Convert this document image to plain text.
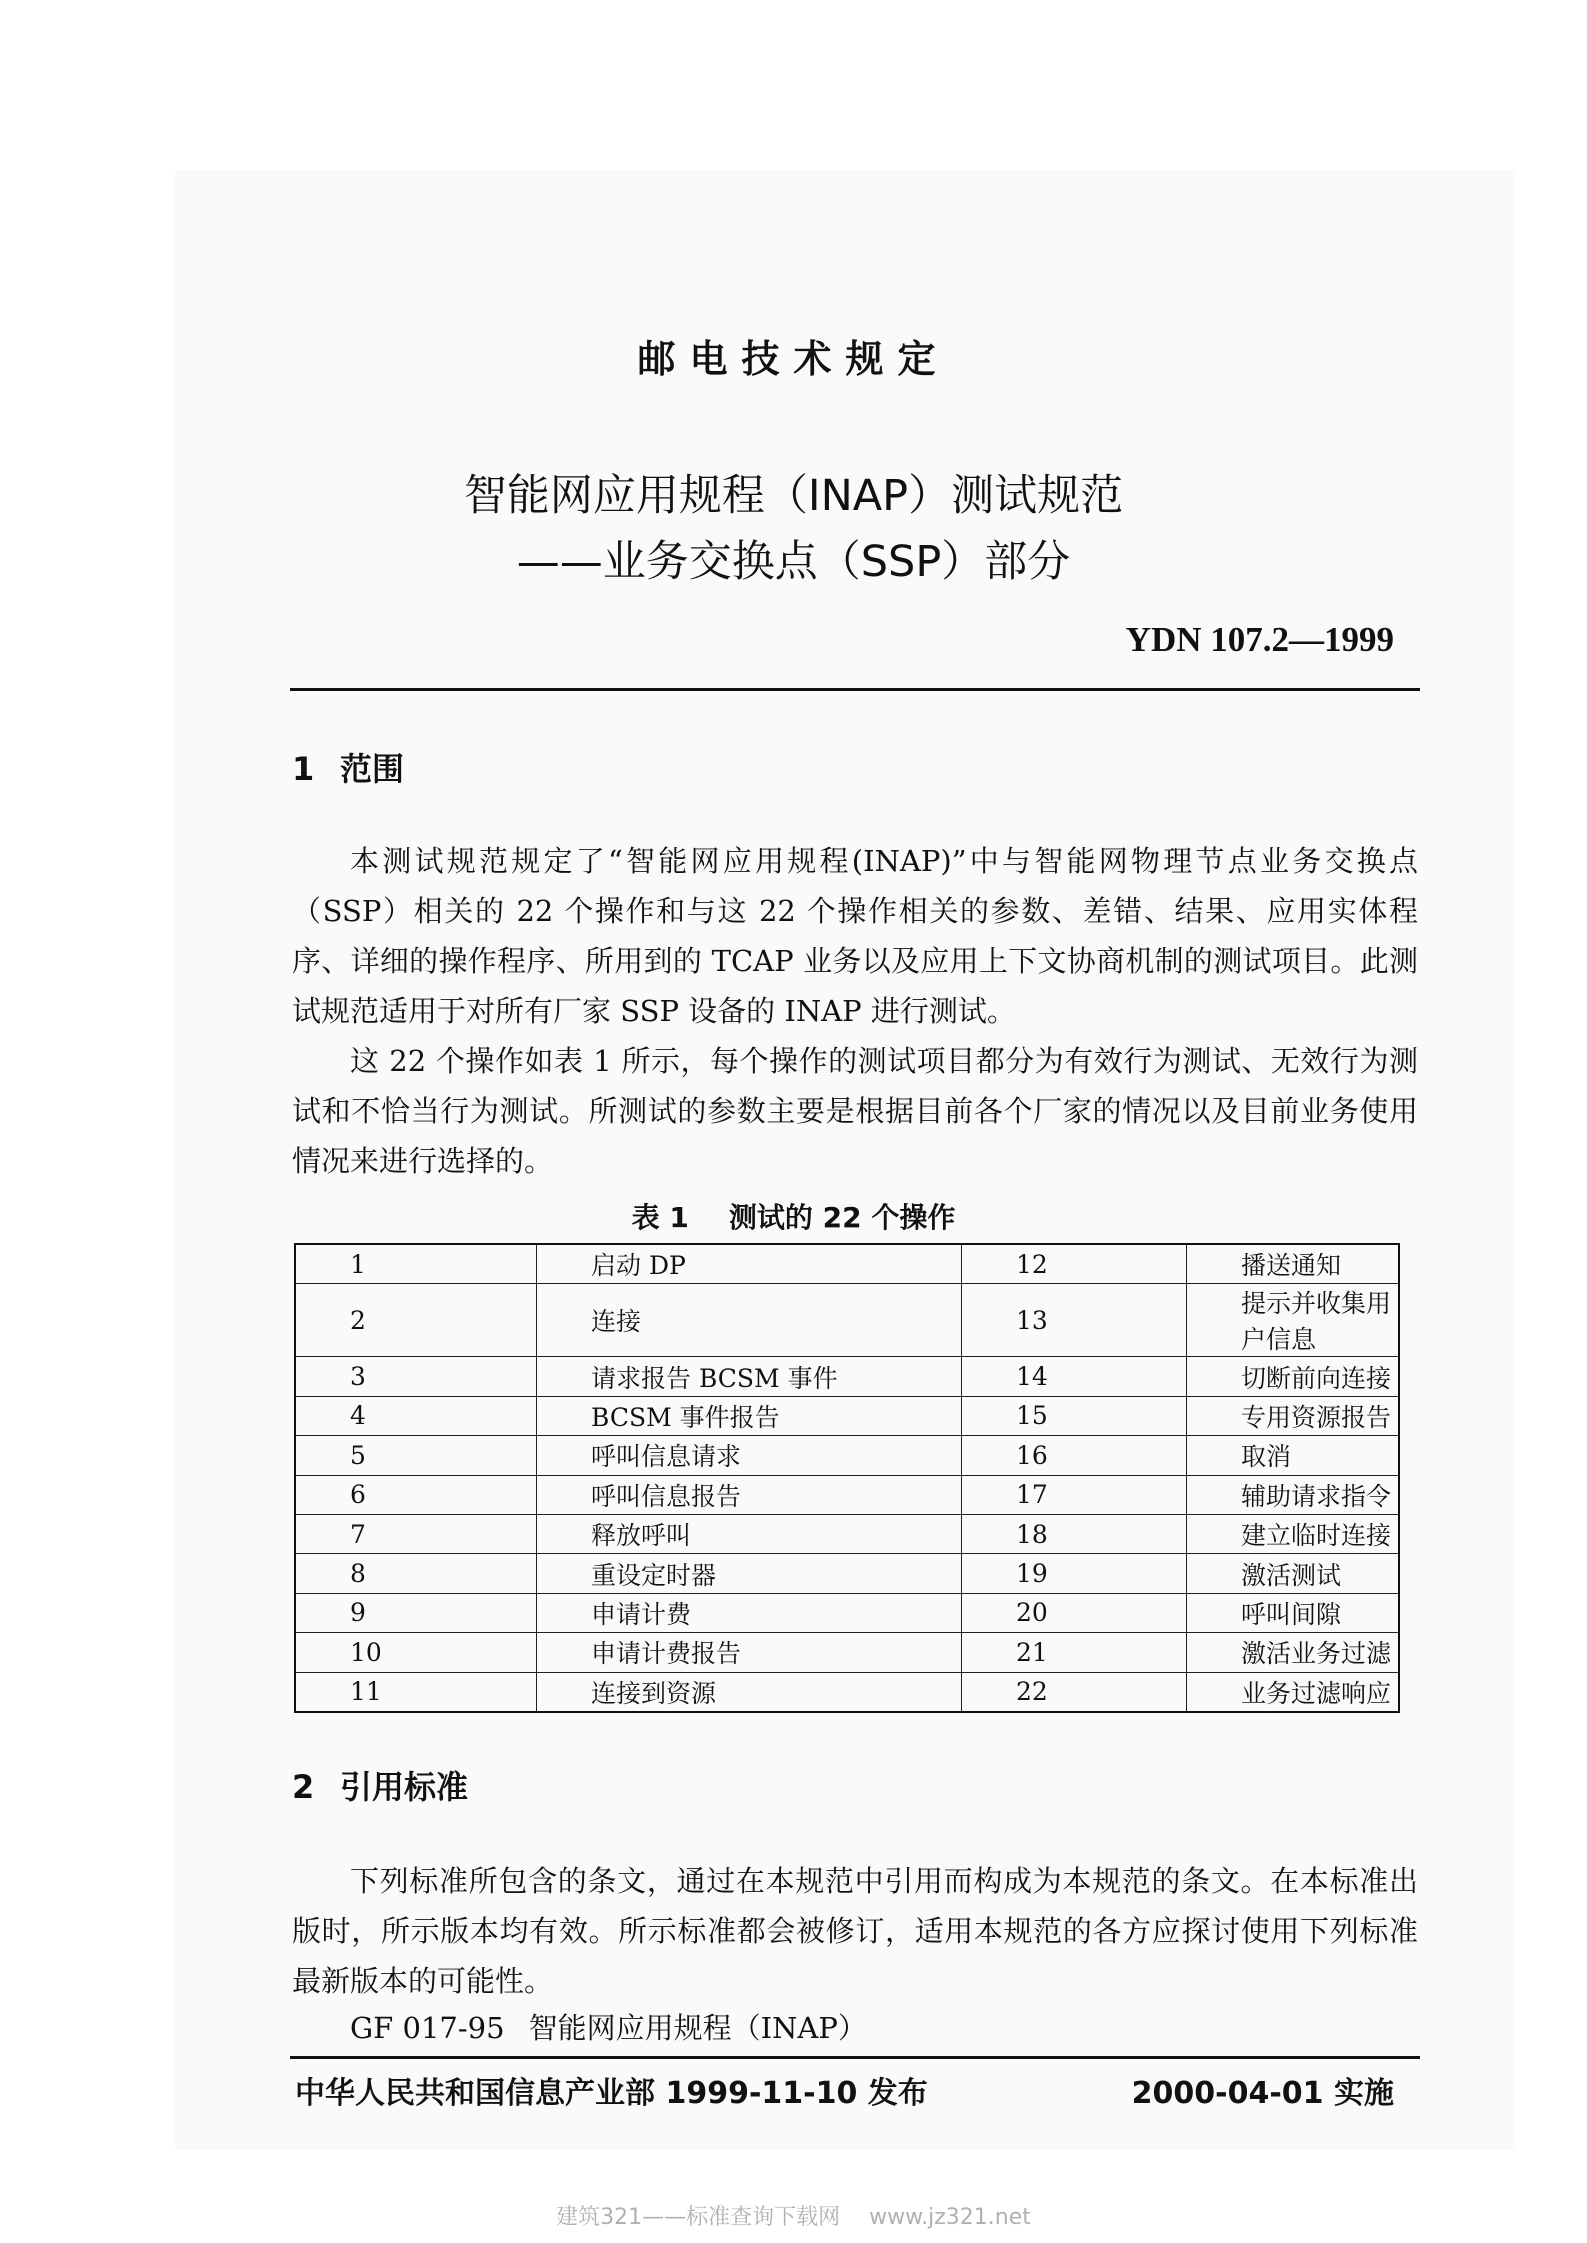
邮电技术规定
智能网应用规程（INAP）测试规范
——业务交换点（SSP）部分
YDN 107.2—1999
1 范围
本测试规范规定了“智能网应用规程(INAP)”中与智能网物理节点业务交换点（SSP）相关的 22 个操作和与这 22 个操作相关的参数、差错、结果、应用实体程序、详细的操作程序、所用到的 TCAP 业务以及应用上下文协商机制的测试项目。此测试规范适用于对所有厂家 SSP 设备的 INAP 进行测试。
这 22 个操作如表 1 所示，每个操作的测试项目都分为有效行为测试、无效行为测试和不恰当行为测试。所测试的参数主要是根据目前各个厂家的情况以及目前业务使用情况来进行选择的。
表 1 测试的 22 个操作
1	启动 DP	12	播送通知
2	连接	13	提示并收集用户信息
3	请求报告 BCSM 事件	14	切断前向连接
4	BCSM 事件报告	15	专用资源报告
5	呼叫信息请求	16	取消
6	呼叫信息报告	17	辅助请求指令
7	释放呼叫	18	建立临时连接
8	重设定时器	19	激活测试
9	申请计费	20	呼叫间隙
10	申请计费报告	21	激活业务过滤
11	连接到资源	22	业务过滤响应
2 引用标准
下列标准所包含的条文，通过在本规范中引用而构成为本规范的条文。在本标准出版时，所示版本均有效。所示标准都会被修订，适用本规范的各方应探讨使用下列标准最新版本的可能性。
GF 017-95 智能网应用规程（INAP）
中华人民共和国信息产业部 1999-11-10 发布	2000-04-01 实施
建筑321——标准查询下载网　 www.jz321.net
